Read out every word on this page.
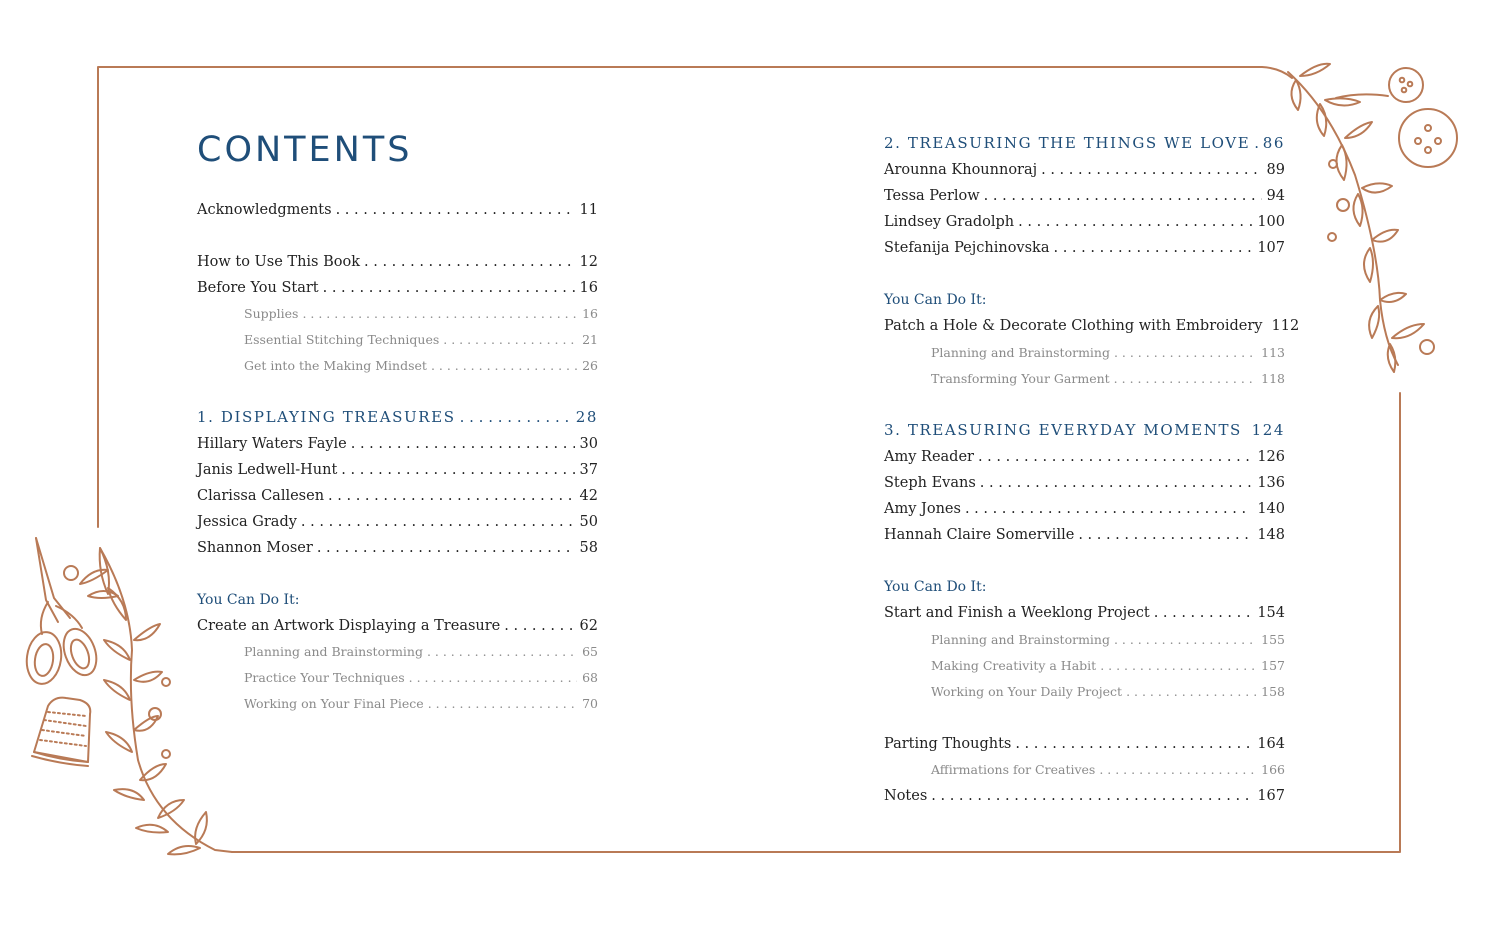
CONTENTS
Acknowledgments . . .	11
How to Use This Book . . .	12
Before You Start . . .	16
Supplies . . .	16
Essential Stitching Techniques . . .	21
Get into the Making Mindset . . .	26
1. DISPLAYING TREASURES . . .	28
Hillary Waters Fayle . . .	30
Janis Ledwell-Hunt . . .	37
Clarissa Callesen . . .	42
Jessica Grady . . .	50
Shannon Moser . . .	58
You Can Do It:
Create an Artwork Displaying a Treasure . . .	62
Planning and Brainstorming . . .	65
Practice Your Techniques . . .	68
Working on Your Final Piece . . .	70
2. TREASURING THE THINGS WE LOVE . . . 86
Arounna Khounnoraj . . .	89
Tessa Perlow . . .	94
Lindsey Gradolph . . .	100
Stefanija Pejchinovska . . .	107
You Can Do It:
Patch a Hole & Decorate Clothing with Embroidery 112
Planning and Brainstorming . . .	113
Transforming Your Garment . . .	118
3. TREASURING EVERYDAY MOMENTS . . . 124
Amy Reader . . .	126
Steph Evans . . .	136
Amy Jones . . .	140
Hannah Claire Somerville . . .	148
You Can Do It:
Start and Finish a Weeklong Project . . .	154
Planning and Brainstorming . . .	155
Making Creativity a Habit . . .	157
Working on Your Daily Project . . .	158
Parting Thoughts . . .	164
Affirmations for Creatives . . .	166
Notes . . .	167
